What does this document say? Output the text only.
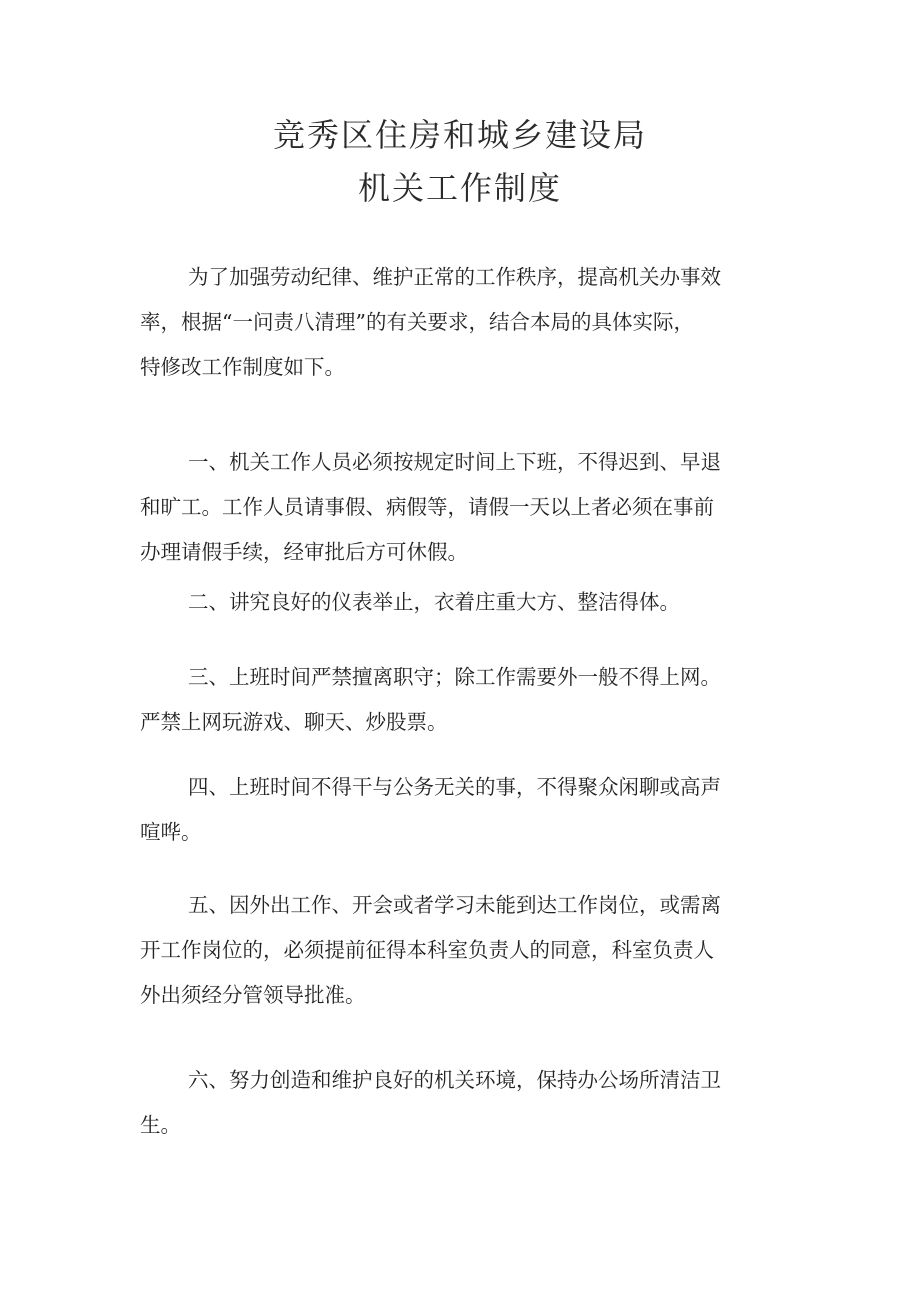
竞秀区住房和城乡建设局
机关工作制度

为了加强劳动纪律、维护正常的工作秩序，提高机关办事效
率，根据“一问责八清理”的有关要求，结合本局的具体实际，
特修改工作制度如下。

一、机关工作人员必须按规定时间上下班，不得迟到、早退
和旷工。工作人员请事假、病假等，请假一天以上者必须在事前
办理请假手续，经审批后方可休假。

二、讲究良好的仪表举止，衣着庄重大方、整洁得体。

三、上班时间严禁擅离职守；除工作需要外一般不得上网。
严禁上网玩游戏、聊天、炒股票。

四、上班时间不得干与公务无关的事，不得聚众闲聊或高声
喧哗。

五、因外出工作、开会或者学习未能到达工作岗位，或需离
开工作岗位的，必须提前征得本科室负责人的同意，科室负责人
外出须经分管领导批准。

六、努力创造和维护良好的机关环境，保持办公场所清洁卫
生。
